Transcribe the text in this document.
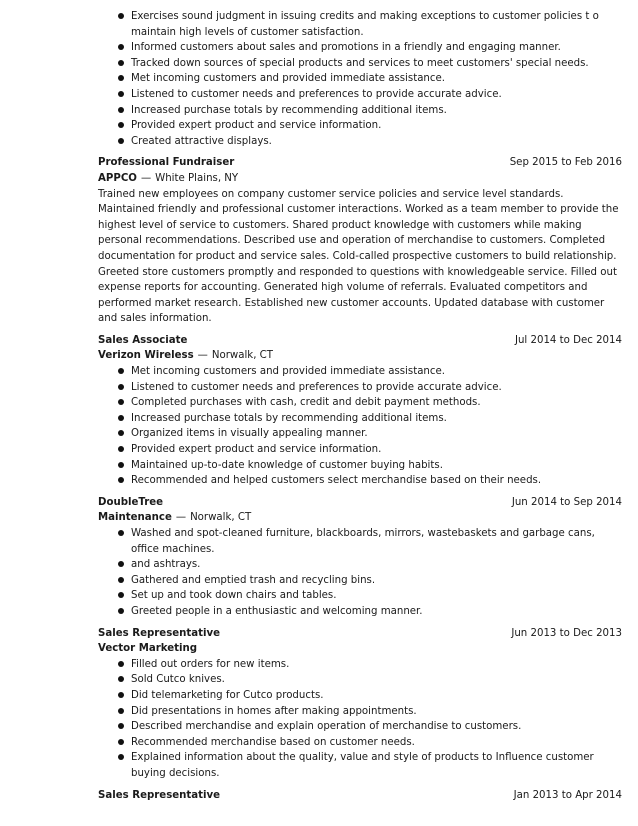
Exercises sound judgment in issuing credits and making exceptions to customer policies t o maintain high levels of customer satisfaction.
Informed customers about sales and promotions in a friendly and engaging manner.
Tracked down sources of special products and services to meet customers' special needs.
Met incoming customers and provided immediate assistance.
Listened to customer needs and preferences to provide accurate advice.
Increased purchase totals by recommending additional items.
Provided expert product and service information.
Created attractive displays.
Professional Fundraiser	Sep 2015 to Feb 2016
APPCO — White Plains, NY

Trained new employees on company customer service policies and service level standards. Maintained friendly and professional customer interactions. Worked as a team member to provide the highest level of service to customers. Shared product knowledge with customers while making personal recommendations. Described use and operation of merchandise to customers. Completed documentation for product and service sales. Cold-called prospective customers to build relationship. Greeted store customers promptly and responded to questions with knowledgeable service. Filled out expense reports for accounting. Generated high volume of referrals. Evaluated competitors and performed market research. Established new customer accounts. Updated database with customer and sales information.

Sales Associate	Jul 2014 to Dec 2014
Verizon Wireless — Norwalk, CT
Met incoming customers and provided immediate assistance.
Listened to customer needs and preferences to provide accurate advice.
Completed purchases with cash, credit and debit payment methods.
Increased purchase totals by recommending additional items.
Organized items in visually appealing manner.
Provided expert product and service information.
Maintained up-to-date knowledge of customer buying habits.
Recommended and helped customers select merchandise based on their needs.
DoubleTree	Jun 2014 to Sep 2014
Maintenance — Norwalk, CT
Washed and spot-cleaned furniture, blackboards, mirrors, wastebaskets and garbage cans, office machines.
and ashtrays.
Gathered and emptied trash and recycling bins.
Set up and took down chairs and tables.
Greeted people in a enthusiastic and welcoming manner.
Sales Representative	Jun 2013 to Dec 2013
Vector Marketing
Filled out orders for new items.
Sold Cutco knives.
Did telemarketing for Cutco products.
Did presentations in homes after making appointments.
Described merchandise and explain operation of merchandise to customers.
Recommended merchandise based on customer needs.
Explained information about the quality, value and style of products to Influence customer buying decisions.
Sales Representative	Jan 2013 to Apr 2014
